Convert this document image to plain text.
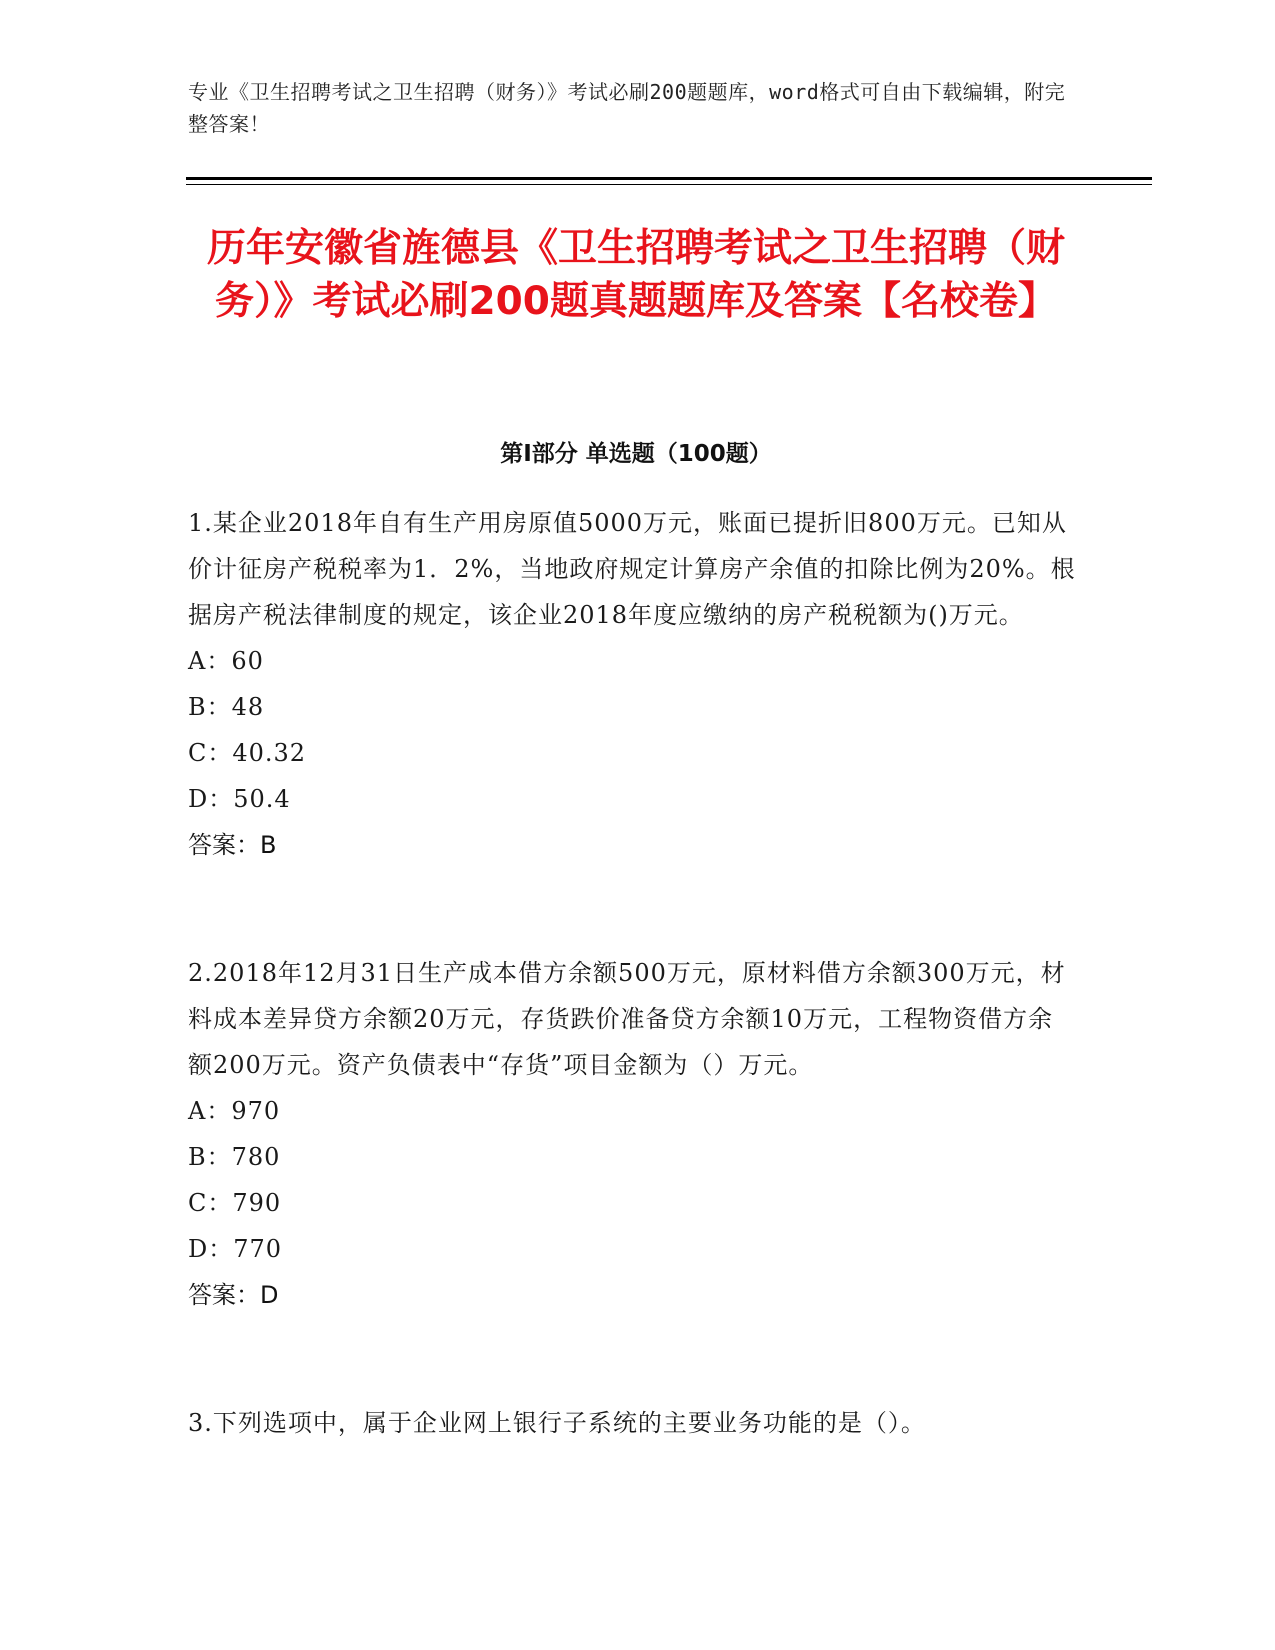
专业《卫生招聘考试之卫生招聘（财务）》考试必刷200题题库，word格式可自由下载编辑，附完整答案！
历年安徽省旌德县《卫生招聘考试之卫生招聘（财务）》考试必刷200题真题题库及答案【名校卷】
第Ⅰ部分 单选题（100题）
1.某企业2018年自有生产用房原值5000万元，账面已提折旧800万元。已知从价计征房产税税率为1．2%，当地政府规定计算房产余值的扣除比例为20%。根据房产税法律制度的规定，该企业2018年度应缴纳的房产税税额为()万元。
A：60
B：48
C：40.32
D：50.4
答案：B
2.2018年12月31日生产成本借方余额500万元，原材料借方余额300万元，材料成本差异贷方余额20万元，存货跌价准备贷方余额10万元，工程物资借方余额200万元。资产负债表中“存货”项目金额为（）万元。
A：970
B：780
C：790
D：770
答案：D
3.下列选项中，属于企业网上银行子系统的主要业务功能的是（）。
